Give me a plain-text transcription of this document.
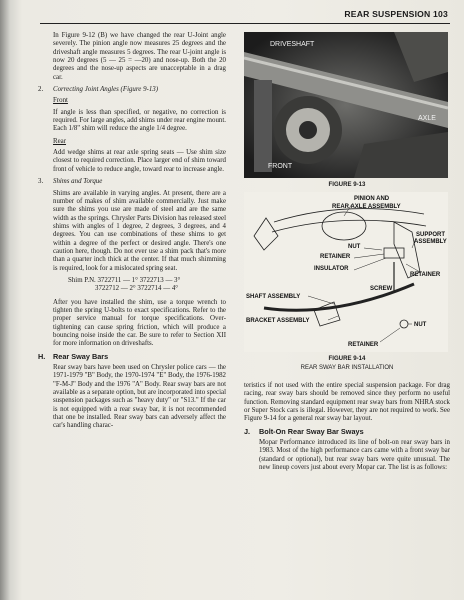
REAR SUSPENSION 103

In Figure 9-12 (B) we have changed the rear U-Joint angle severely. The pinion angle now measures 25 degrees and the driveshaft angle measures 5 degrees. The rear U-joint angle is now 20 degrees (5 — 25 = —20) and nose-up. Both the 20 degrees and the nose-up aspects are unacceptable in a drag car.

2. Correcting Joint Angles (Figure 9-13)
Front

If angle is less than specified, or negative, no correction is required. For large angles, add shims under rear engine mount. Each 1/8" shim will reduce the angle 1/4 degree.

Rear

Add wedge shims at rear axle spring seats — Use shim size closest to required correction. Place larger end of shim toward front of vehicle to reduce angle, toward rear to increase angle.

3. Shims and Torque

Shims are available in varying angles. At present, there are a number of makes of shim available commercially. Just make sure the shims you use are made of steel and are the same width as the springs. Chrysler Parts Division has released steel shims with angles of 1 degree, 2 degrees, 3 degrees, and 4 degrees. You can use combinations of these shims to get within a degree of the perfect or desired angle. There's one caution here, though. Do not ever use a shim pack that's more than a quarter inch thick at the center. If that much shimming is required, look for a mislocated spring seat.

Shim P.N. 3722711 — 1° 3722713 — 3°
3722712 — 2° 3722714 — 4°

After you have installed the shim, use a torque wrench to tighten the spring U-bolts to exact specifications. Refer to the proper service manual for torque specifications. Over-tightening can cause spring friction, which will produce a bouncing noise inside the car. Be sure to refer to Section XII for more information on driveshafts.

H. Rear Sway Bars

Rear sway bars have been used on Chrysler police cars — the 1971-1979 "B" Body, the 1970-1974 "E" Body, the 1976-1982 "F-M-J" Body and the 1976 "A" Body. Rear sway bars are not available as a separate option, but are incorporated into special suspension packages such as "heavy duty" or "S13." If the car is not equipped with a rear sway bar, it is not recommended that one be installed. Rear sway bars can adversely affect the car's handling charac-

DRIVESHAFT
AXLE
FRONT
FIGURE 9-13
PINION AND
REAR AXLE ASSEMBLY
SUPPORT
ASSEMBLY
NUT
RETAINER
INSULATOR
RETAINER
SCREW
SHAFT ASSEMBLY
BRACKET ASSEMBLY
NUT
RETAINER
FIGURE 9-14
REAR SWAY BAR INSTALLATION

teristics if not used with the entire special suspension package. For drag racing, rear sway bars should be removed since they perform no useful function. Removing standard equipment rear sway bars from NHRA stock or Super Stock cars is illegal. However, they are not required to work. See Figure 9-14 for a general rear sway bar layout.

J. Bolt-On Rear Sway Bar Sways

Mopar Performance introduced its line of bolt-on rear sway bars in 1983. Most of the high performance cars came with a front sway bar (standard or optional), but rear sway bars were quite unusual. The new lineup covers just about every Mopar car. The list is as follows:
